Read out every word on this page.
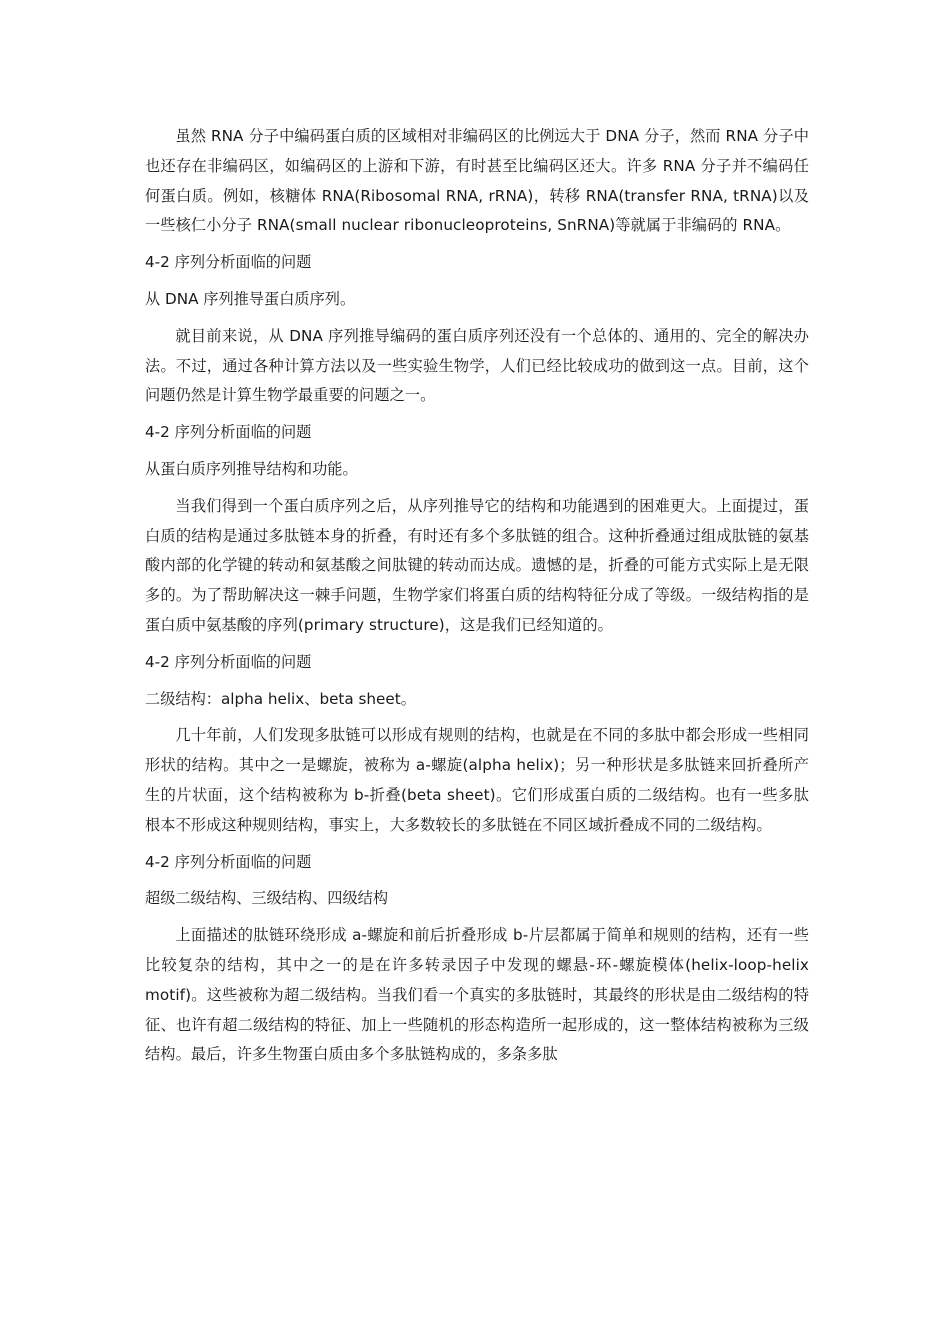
虽然 RNA 分子中编码蛋白质的区域相对非编码区的比例远大于 DNA 分子，然而 RNA 分子中也还存在非编码区，如编码区的上游和下游，有时甚至比编码区还大。许多 RNA 分子并不编码任何蛋白质。例如，核糖体 RNA(Ribosomal RNA, rRNA)，转移 RNA(transfer RNA, tRNA)以及一些核仁小分子 RNA(small nuclear ribonucleoproteins, SnRNA)等就属于非编码的 RNA。

4-2 序列分析面临的问题
从 DNA 序列推导蛋白质序列。

就目前来说，从 DNA 序列推导编码的蛋白质序列还没有一个总体的、通用的、完全的解决办法。不过，通过各种计算方法以及一些实验生物学，人们已经比较成功的做到这一点。目前，这个问题仍然是计算生物学最重要的问题之一。

4-2 序列分析面临的问题
从蛋白质序列推导结构和功能。

当我们得到一个蛋白质序列之后，从序列推导它的结构和功能遇到的困难更大。上面提过，蛋白质的结构是通过多肽链本身的折叠，有时还有多个多肽链的组合。这种折叠通过组成肽链的氨基酸内部的化学键的转动和氨基酸之间肽键的转动而达成。遗憾的是，折叠的可能方式实际上是无限多的。为了帮助解决这一棘手问题，生物学家们将蛋白质的结构特征分成了等级。一级结构指的是蛋白质中氨基酸的序列(primary structure)，这是我们已经知道的。

4-2 序列分析面临的问题
二级结构：alpha helix、beta sheet。

几十年前，人们发现多肽链可以形成有规则的结构，也就是在不同的多肽中都会形成一些相同形状的结构。其中之一是螺旋，被称为 a-螺旋(alpha helix)；另一种形状是多肽链来回折叠所产生的片状面，这个结构被称为 b-折叠(beta sheet)。它们形成蛋白质的二级结构。也有一些多肽根本不形成这种规则结构，事实上，大多数较长的多肽链在不同区域折叠成不同的二级结构。

4-2 序列分析面临的问题
超级二级结构、三级结构、四级结构

上面描述的肽链环绕形成 a-螺旋和前后折叠形成 b-片层都属于简单和规则的结构，还有一些比较复杂的结构，其中之一的是在许多转录因子中发现的螺悬-环-螺旋模体(helix-loop-helix motif)。这些被称为超二级结构。当我们看一个真实的多肽链时，其最终的形状是由二级结构的特征、也许有超二级结构的特征、加上一些随机的形态构造所一起形成的，这一整体结构被称为三级结构。最后，许多生物蛋白质由多个多肽链构成的，多条多肽
